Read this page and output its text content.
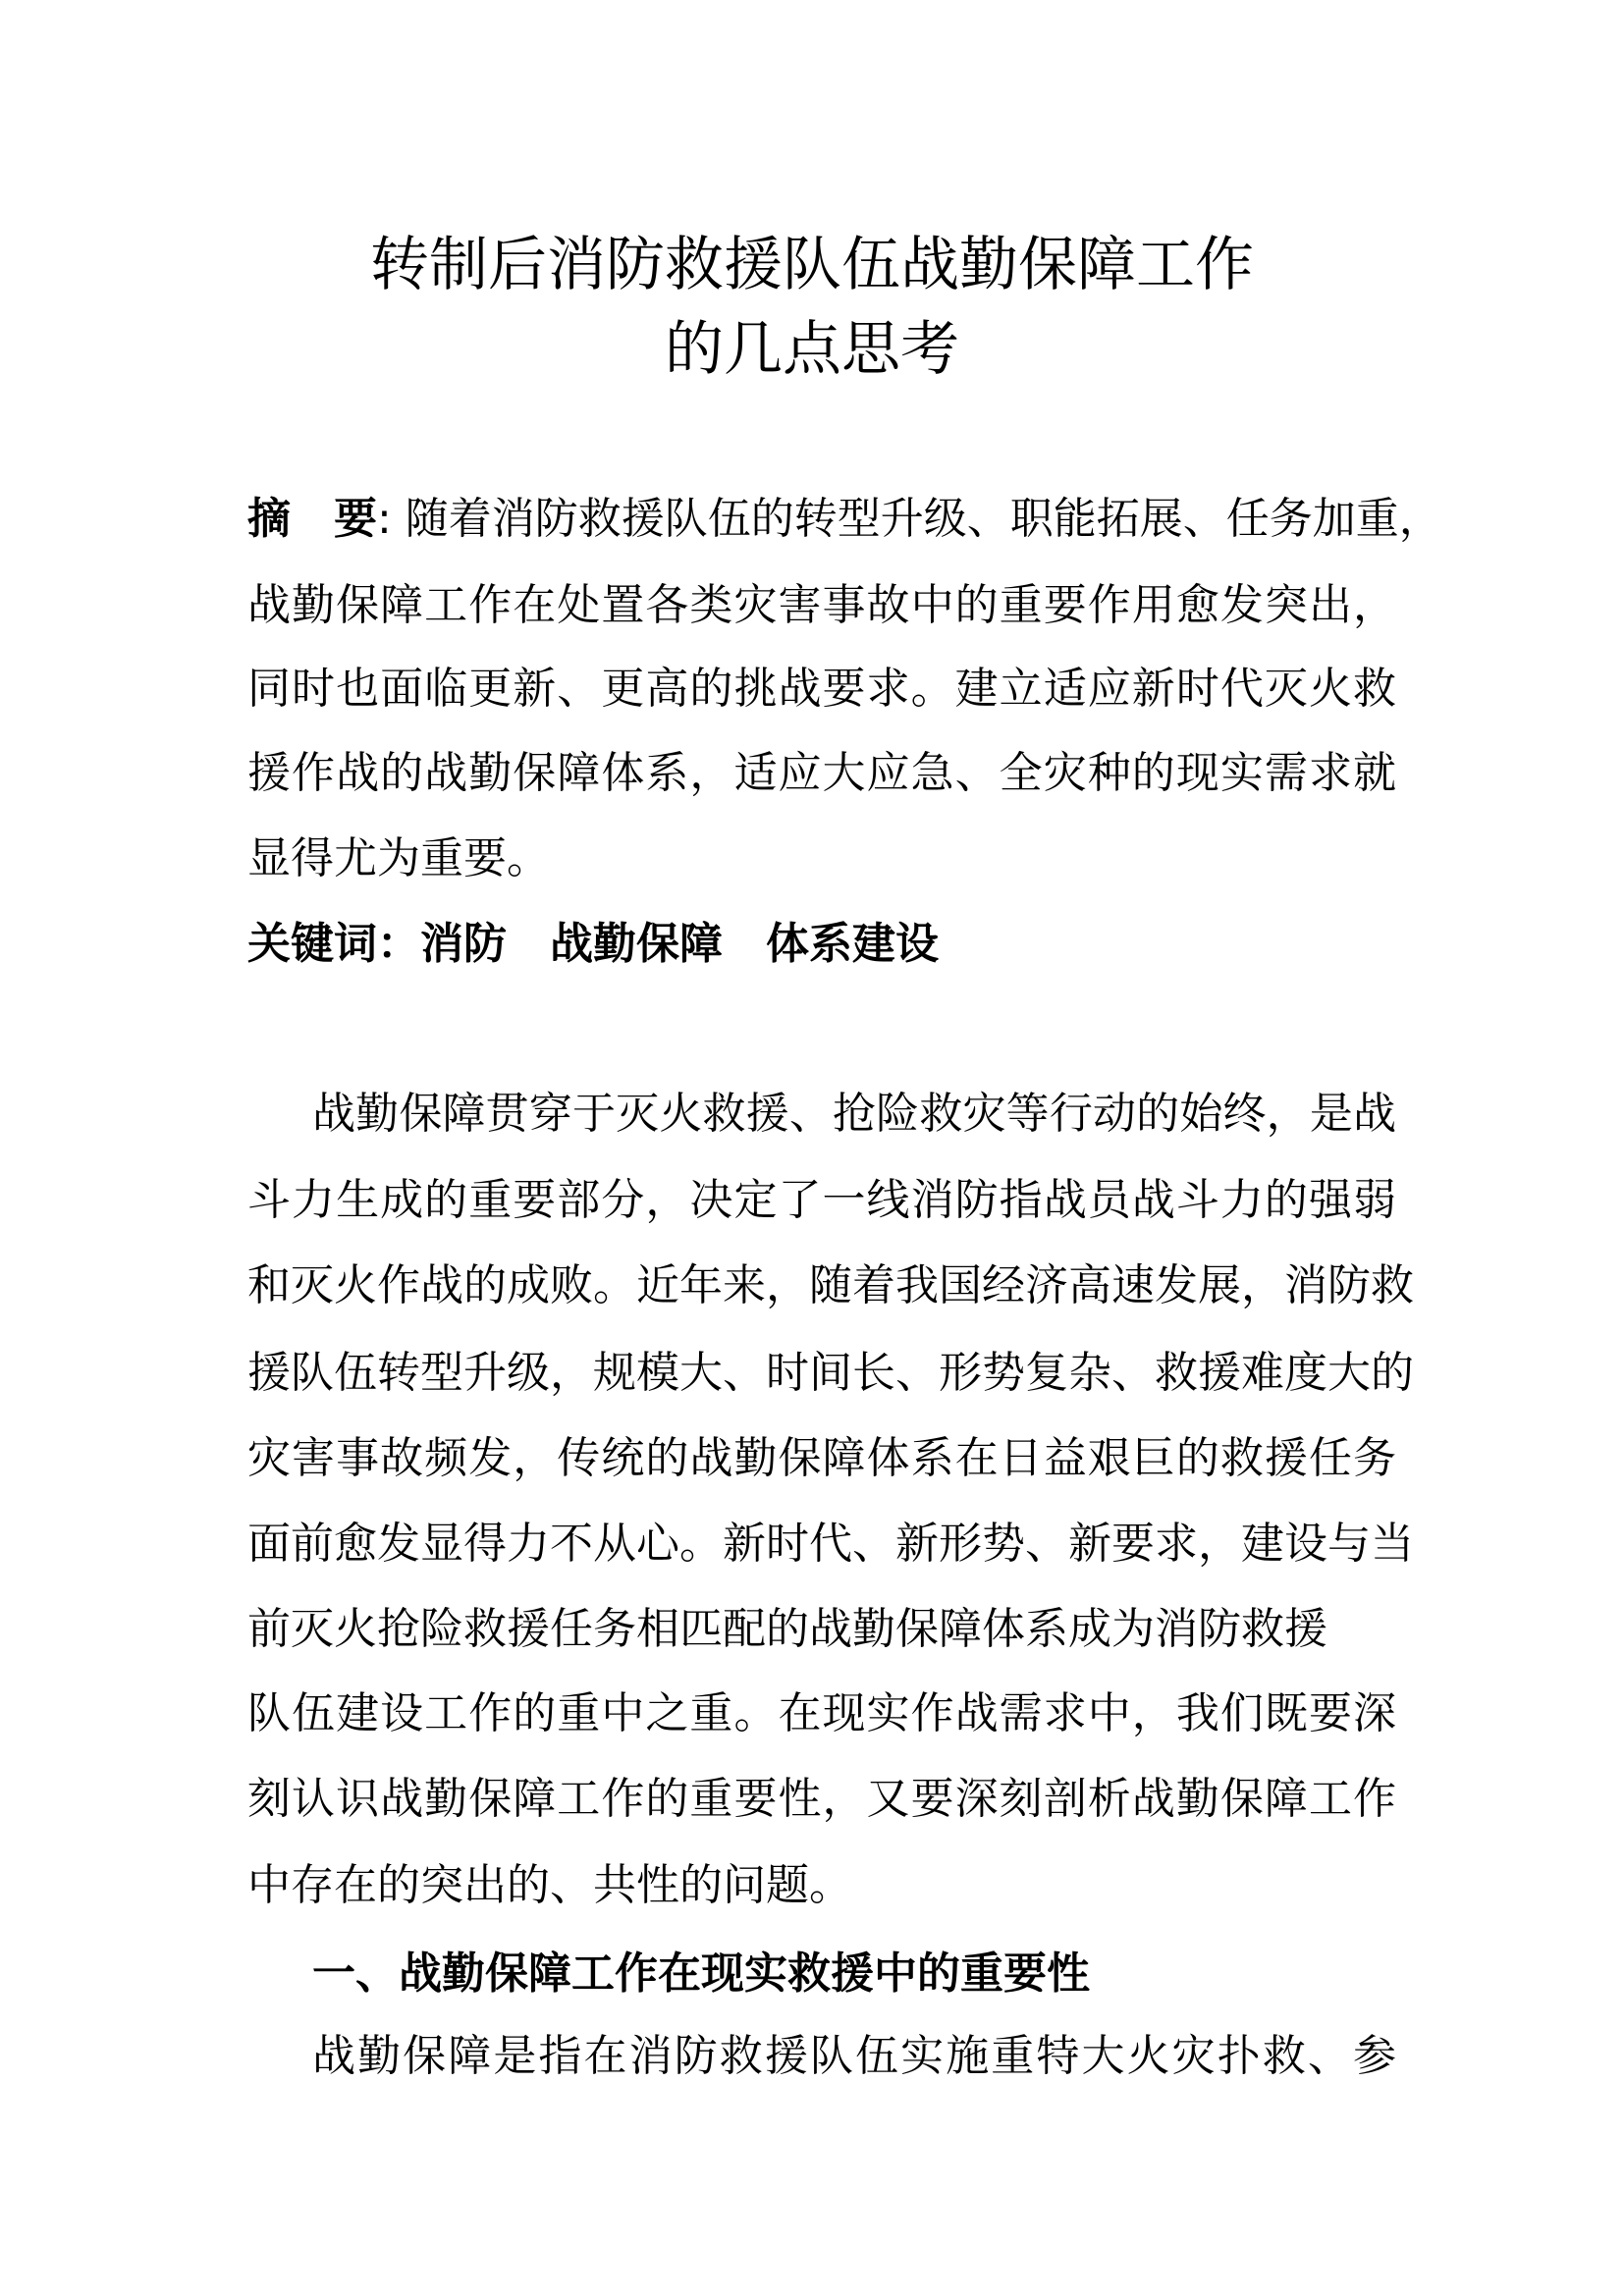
转制后消防救援队伍战勤保障工作
的几点思考
摘　要: 随着消防救援队伍的转型升级、职能拓展、任务加重，
战勤保障工作在处置各类灾害事故中的重要作用愈发突出，
同时也面临更新、更高的挑战要求。建立适应新时代灭火救
援作战的战勤保障体系，适应大应急、全灾种的现实需求就
显得尤为重要。
关键词：消防　战勤保障　体系建设
战勤保障贯穿于灭火救援、抢险救灾等行动的始终，是战
斗力生成的重要部分，决定了一线消防指战员战斗力的强弱
和灭火作战的成败。近年来，随着我国经济高速发展，消防救
援队伍转型升级，规模大、时间长、形势复杂、救援难度大的
灾害事故频发，传统的战勤保障体系在日益艰巨的救援任务
面前愈发显得力不从心。新时代、新形势、新要求，建设与当
前灭火抢险救援任务相匹配的战勤保障体系成为消防救援
队伍建设工作的重中之重。在现实作战需求中，我们既要深
刻认识战勤保障工作的重要性，又要深刻剖析战勤保障工作
中存在的突出的、共性的问题。
一、战勤保障工作在现实救援中的重要性
战勤保障是指在消防救援队伍实施重特大火灾扑救、参
